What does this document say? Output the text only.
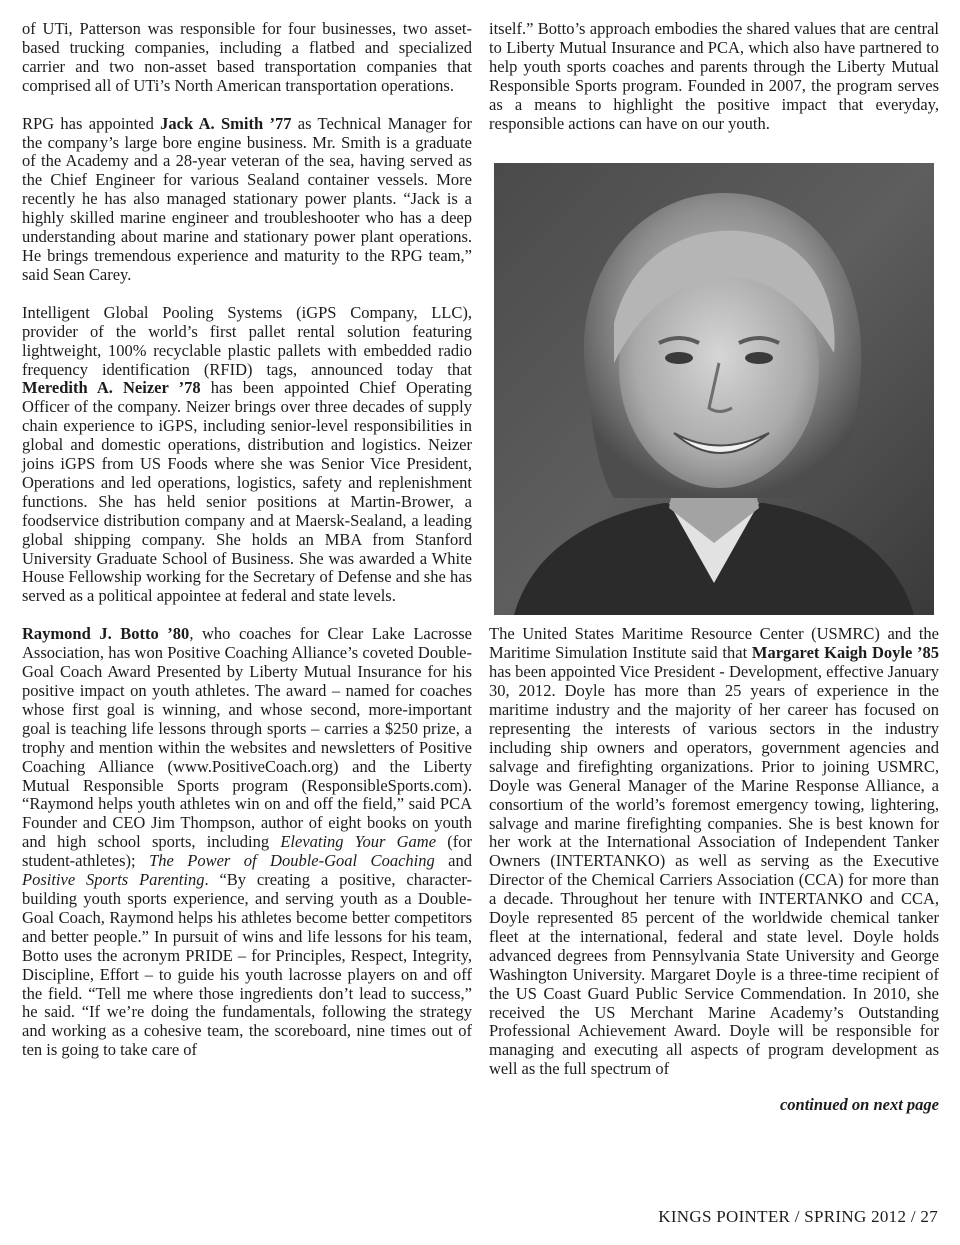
of UTi, Patterson was responsible for four businesses, two asset-based trucking companies, including a flatbed and specialized carrier and two non-asset based transportation companies that comprised all of UTi’s North American transportation operations.

RPG has appointed Jack A. Smith ’77 as Technical Manager for the company’s large bore engine business. Mr. Smith is a graduate of the Academy and a 28-year veteran of the sea, having served as the Chief Engineer for various Sealand container vessels. More recently he has also managed stationary power plants. “Jack is a highly skilled marine engineer and troubleshooter who has a deep understanding about marine and stationary power plant operations. He brings tremendous experience and maturity to the RPG team,” said Sean Carey.

Intelligent Global Pooling Systems (iGPS Company, LLC), provider of the world’s first pallet rental solution featuring lightweight, 100% recyclable plastic pallets with embedded radio frequency identification (RFID) tags, announced today that Meredith A. Neizer ’78 has been appointed Chief Operating Officer of the company. Neizer brings over three decades of supply chain experience to iGPS, including senior-level responsibilities in global and domestic operations, distribution and logistics. Neizer joins iGPS from US Foods where she was Senior Vice President, Operations and led operations, logistics, safety and replenishment functions. She has held senior positions at Martin-Brower, a foodservice distribution company and at Maersk-Sealand, a leading global shipping company. She holds an MBA from Stanford University Graduate School of Business. She was awarded a White House Fellowship working for the Secretary of Defense and she has served as a political appointee at federal and state levels.

Raymond J. Botto ’80, who coaches for Clear Lake Lacrosse Association, has won Positive Coaching Alliance’s coveted Double-Goal Coach Award Presented by Liberty Mutual Insurance for his positive impact on youth athletes. The award – named for coaches whose first goal is winning, and whose second, more-important goal is teaching life lessons through sports – carries a $250 prize, a trophy and mention within the websites and newsletters of Positive Coaching Alliance (www.PositiveCoach.org) and the Liberty Mutual Responsible Sports program (ResponsibleSports.com). “Raymond helps youth athletes win on and off the field,” said PCA Founder and CEO Jim Thompson, author of eight books on youth and high school sports, including Elevating Your Game (for student-athletes); The Power of Double-Goal Coaching and Positive Sports Parenting. “By creating a positive, character-building youth sports experience, and serving youth as a Double-Goal Coach, Raymond helps his athletes become better competitors and better people.” In pursuit of wins and life lessons for his team, Botto uses the acronym PRIDE – for Principles, Respect, Integrity, Discipline, Effort – to guide his youth lacrosse players on and off the field. “Tell me where those ingredients don’t lead to success,” he said. “If we’re doing the fundamentals, following the strategy and working as a cohesive team, the scoreboard, nine times out of ten is going to take care of

itself.” Botto’s approach embodies the shared values that are central to Liberty Mutual Insurance and PCA, which also have partnered to help youth sports coaches and parents through the Liberty Mutual Responsible Sports program. Founded in 2007, the program serves as a means to highlight the positive impact that everyday, responsible actions can have on our youth.

The United States Maritime Resource Center (USMRC) and the Maritime Simulation Institute said that Margaret Kaigh Doyle ’85 has been appointed Vice President - Development, effective January 30, 2012. Doyle has more than 25 years of experience in the maritime industry and the majority of her career has focused on representing the interests of various sectors in the industry including ship owners and operators, government agencies and salvage and firefighting organizations. Prior to joining USMRC, Doyle was General Manager of the Marine Response Alliance, a consortium of the world’s foremost emergency towing, lightering, salvage and marine firefighting companies. She is best known for her work at the International Association of Independent Tanker Owners (INTERTANKO) as well as serving as the Executive Director of the Chemical Carriers Association (CCA) for more than a decade. Throughout her tenure with INTERTANKO and CCA, Doyle represented 85 percent of the worldwide chemical tanker fleet at the international, federal and state level. Doyle holds advanced degrees from Pennsylvania State University and George Washington University. Margaret Doyle is a three-time recipient of the US Coast Guard Public Service Commendation. In 2010, she received the US Merchant Marine Academy’s Outstanding Professional Achievement Award. Doyle will be responsible for managing and executing all aspects of program development as well as the full spectrum of

continued on next page
KINGS POINTER / SPRING 2012 / 27
